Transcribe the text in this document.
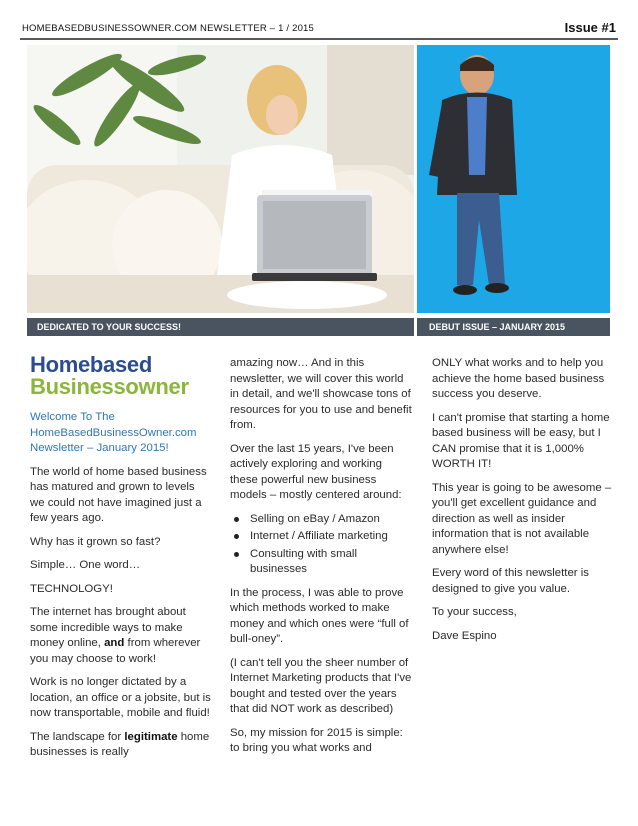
HOMEBASEDBUSINESSOWNER.COM NEWSLETTER – 1 / 2015	Issue #1
DEDICATED TO YOUR SUCCESS!	DEBUT ISSUE – JANUARY 2015
Homebased
Businessowner

Welcome To The HomeBasedBusinessOwner.com Newsletter – January 2015!

The world of home based business has matured and grown to levels we could not have imagined just a few years ago.

Why has it grown so fast?

Simple… One word…

TECHNOLOGY!

The internet has brought about some incredible ways to make money online, and from wherever you may choose to work!

Work is no longer dictated by a location, an office or a jobsite, but is now transportable, mobile and fluid!

The landscape for legitimate home businesses is really

amazing now… And in this newsletter, we will cover this world in detail, and we'll showcase tons of resources for you to use and benefit from.

Over the last 15 years, I've been actively exploring and working these powerful new business models – mostly centered around:

Selling on eBay / Amazon
Internet / Affiliate marketing
Consulting with small businesses

In the process, I was able to prove which methods worked to make money and which ones were “full of bull-oney”.

(I can't tell you the sheer number of Internet Marketing products that I've bought and tested over the years that did NOT work as described)

So, my mission for 2015 is simple: to bring you what works and

ONLY what works and to help you achieve the home based business success you deserve.

I can't promise that starting a home based business will be easy, but I CAN promise that it is 1,000% WORTH IT!

This year is going to be awesome – you'll get excellent guidance and direction as well as insider information that is not available anywhere else!

Every word of this newsletter is designed to give you value.

To your success,

Dave Espino
